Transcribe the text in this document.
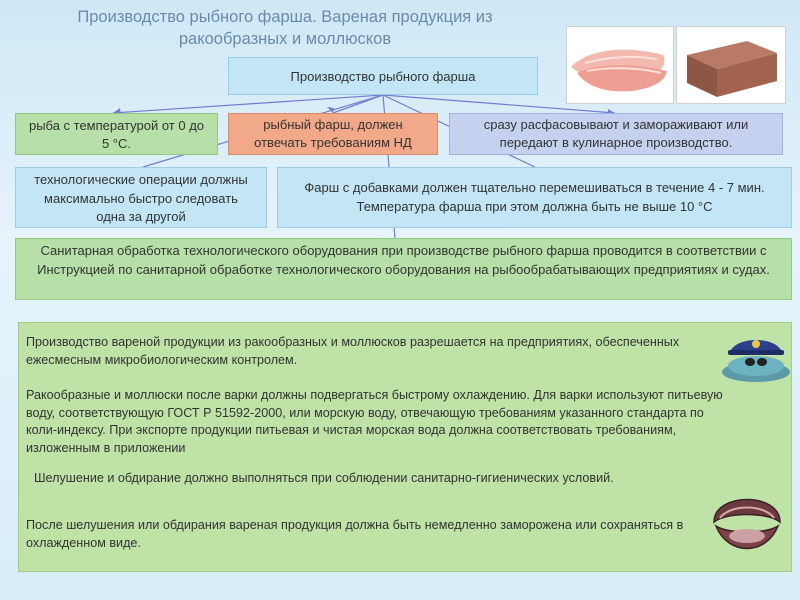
Производство рыбного фарша. Вареная продукция из ракообразных и моллюсков
Производство рыбного фарша
рыба с температурой от 0 до 5 °С.
рыбный фарш, должен отвечать требованиям НД
сразу расфасовывают и замораживают или передают в кулинарное производство.
технологические операции должны максимально быстро следовать одна за другой
Фарш с добавками должен тщательно перемешиваться в течение 4 - 7 мин. Температура фарша при этом должна быть не выше 10 °С
Санитарная обработка технологического оборудования при производстве рыбного фарша проводится в соответствии с Инструкцией по санитарной обработке технологического оборудования на рыбообрабатывающих предприятиях и судах.
Производство вареной продукции из ракообразных и моллюсков разрешается на предприятиях, обеспеченных ежесмесным микробиологическим контролем.
Ракообразные и моллюски после варки должны подвергаться быстрому охлаждению. Для варки используют питьевую воду, соответствующую ГОСТ Р 51592-2000, или морскую воду, отвечающую требованиям указанного стандарта по коли-индексу. При экспорте продукции питьевая и чистая морская вода должна соответствовать требованиям, изложенным в приложении
Шелушение и обдирание должно выполняться при соблюдении санитарно-гигиенических условий.
После шелушения или обдирания вареная продукция должна быть немедленно заморожена или сохраняться в охлажденном виде.
